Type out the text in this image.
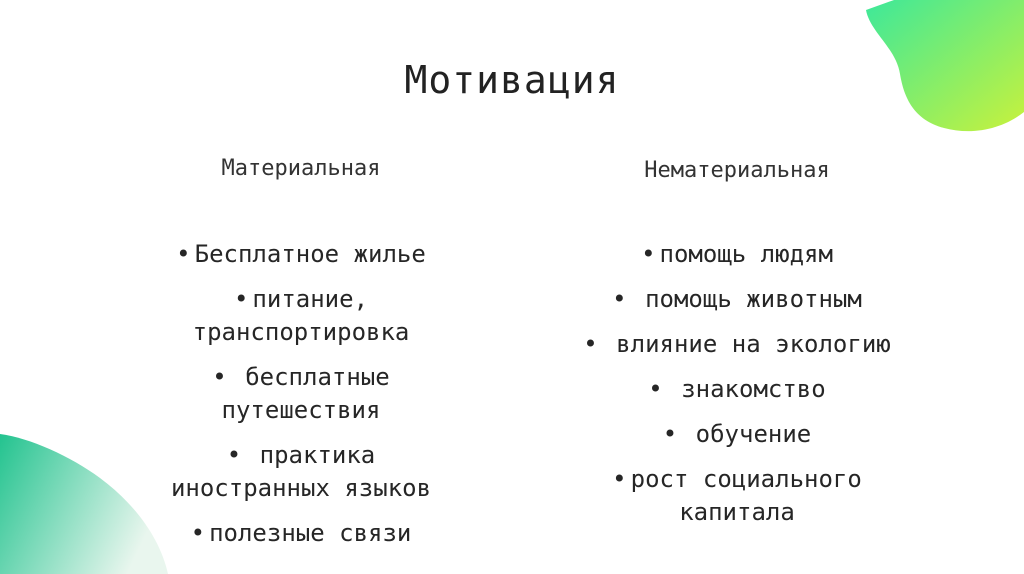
Мотивация
Материальная
• Бесплатное жилье
• питание,
транспортировка
• бесплатные
путешествия
• практика
иностранных языков
• полезные связи
Нематериальная
• помощь людям
• помощь животным
• влияние на экологию
• знакомство
• обучение
• рост социального
капитала
